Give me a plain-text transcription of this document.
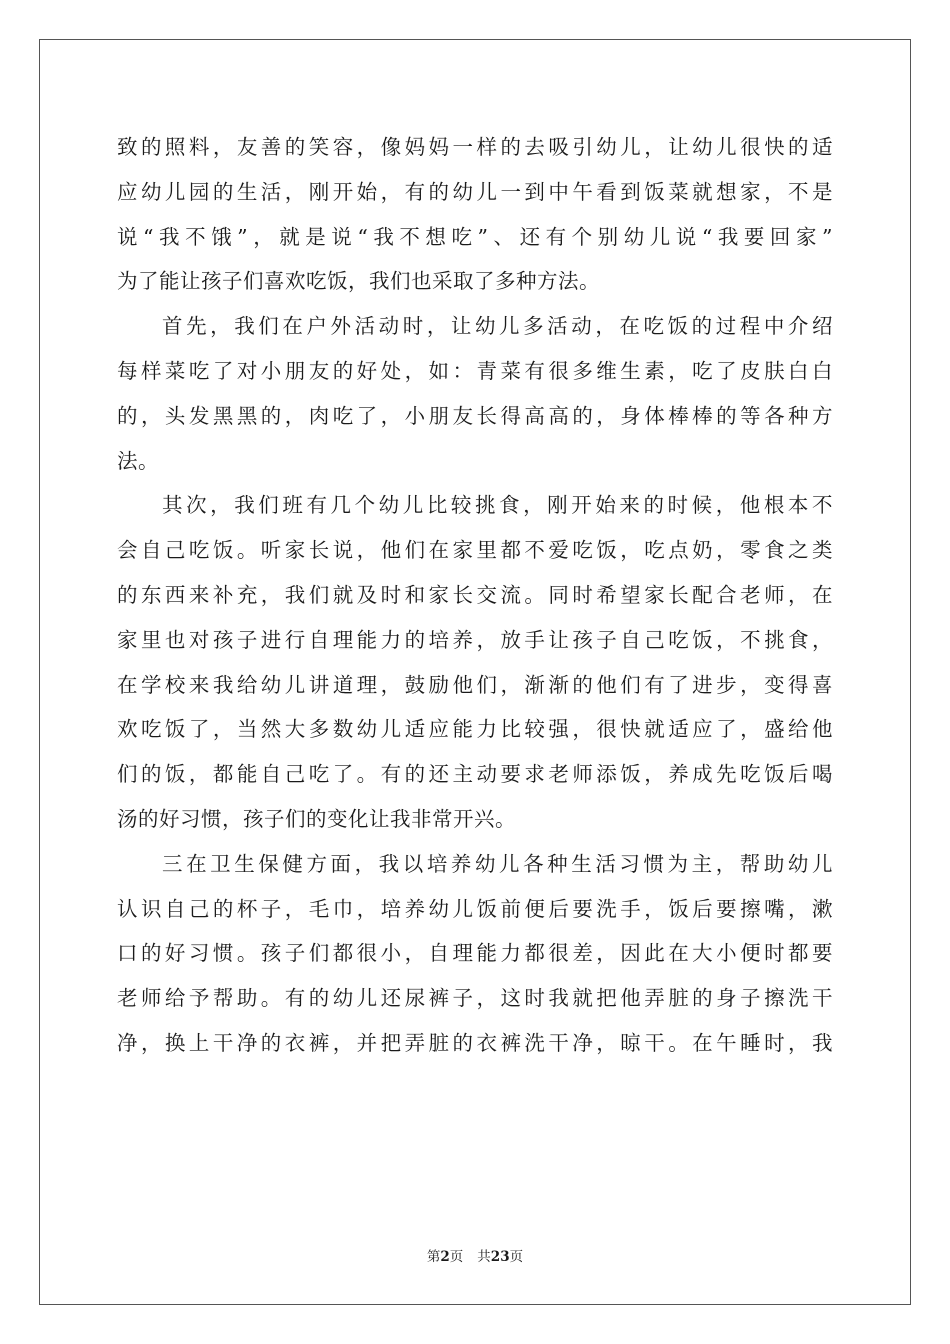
致的照料，友善的笑容，像妈妈一样的去吸引幼儿，让幼儿很快的适
应幼儿园的生活，刚开始，有的幼儿一到中午看到饭菜就想家，不是
说“我不饿”，就是说“我不想吃”、还有个别幼儿说“我要回家”
为了能让孩子们喜欢吃饭，我们也采取了多种方法。
首先，我们在户外活动时，让幼儿多活动，在吃饭的过程中介绍
每样菜吃了对小朋友的好处，如：青菜有很多维生素，吃了皮肤白白
的，头发黑黑的，肉吃了，小朋友长得高高的，身体棒棒的等各种方
法。
其次，我们班有几个幼儿比较挑食，刚开始来的时候，他根本不
会自己吃饭。听家长说，他们在家里都不爱吃饭，吃点奶，零食之类
的东西来补充，我们就及时和家长交流。同时希望家长配合老师，在
家里也对孩子进行自理能力的培养，放手让孩子自己吃饭，不挑食，
在学校来我给幼儿讲道理，鼓励他们，渐渐的他们有了进步，变得喜
欢吃饭了，当然大多数幼儿适应能力比较强，很快就适应了，盛给他
们的饭，都能自己吃了。有的还主动要求老师添饭，养成先吃饭后喝
汤的好习惯，孩子们的变化让我非常开兴。
三在卫生保健方面，我以培养幼儿各种生活习惯为主，帮助幼儿
认识自己的杯子，毛巾，培养幼儿饭前便后要洗手，饭后要擦嘴，漱
口的好习惯。孩子们都很小，自理能力都很差，因此在大小便时都要
老师给予帮助。有的幼儿还尿裤子，这时我就把他弄脏的身子擦洗干
净，换上干净的衣裤，并把弄脏的衣裤洗干净，晾干。在午睡时，我
第2页 共23页
